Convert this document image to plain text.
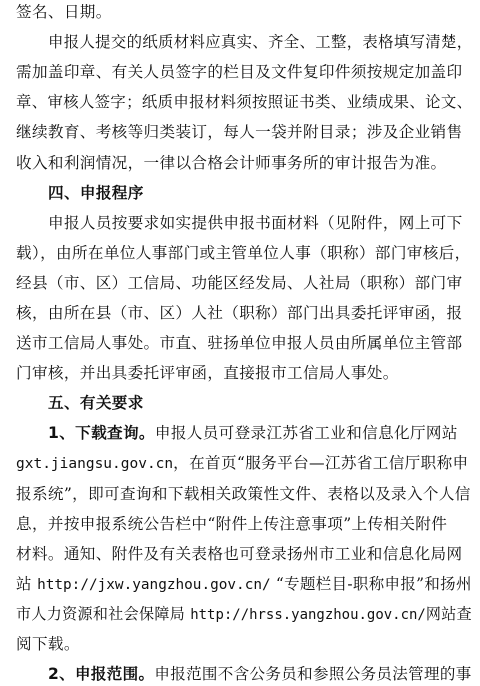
签名、日期。
申报人提交的纸质材料应真实、齐全、工整，表格填写清楚，
需加盖印章、有关人员签字的栏目及文件复印件须按规定加盖印
章、审核人签字；纸质申报材料须按照证书类、业绩成果、论文、
继续教育、考核等归类装订，每人一袋并附目录；涉及企业销售
收入和利润情况，一律以合格会计师事务所的审计报告为准。
四、申报程序
申报人员按要求如实提供申报书面材料（见附件，网上可下
载），由所在单位人事部门或主管单位人事（职称）部门审核后，
经县（市、区）工信局、功能区经发局、人社局（职称）部门审
核，由所在县（市、区）人社（职称）部门出具委托评审函，报
送市工信局人事处。市直、驻扬单位申报人员由所属单位主管部
门审核，并出具委托评审函，直接报市工信局人事处。
五、有关要求
1、下载查询。申报人员可登录江苏省工业和信息化厅网站
gxt.jiangsu.gov.cn，在首页“服务平台—江苏省工信厅职称申
报系统”，即可查询和下载相关政策性文件、表格以及录入个人信
息，并按申报系统公告栏中“附件上传注意事项”上传相关附件
材料。通知、附件及有关表格也可登录扬州市工业和信息化局网
站 http://jxw.yangzhou.gov.cn/ “专题栏目-职称申报”和扬州
市人力资源和社会保障局 http://hrss.yangzhou.gov.cn/网站查
阅下载。
2、申报范围。申报范围不含公务员和参照公务员法管理的事
